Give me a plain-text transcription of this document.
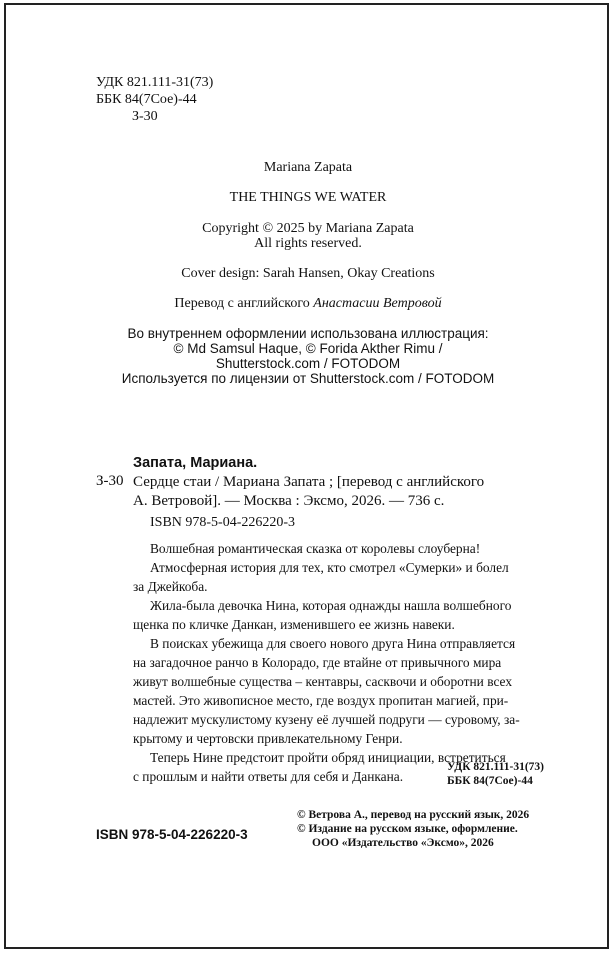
УДК 821.111-31(73)
ББК 84(7Сое)-44
З-30
Mariana Zapata
THE THINGS WE WATER
Copyright © 2025 by Mariana Zapata
All rights reserved.
Cover design: Sarah Hansen, Okay Creations
Перевод с английского Анастасии Ветровой
Во внутреннем оформлении использована иллюстрация:
© Md Samsul Haque, © Forida Akther Rimu /
Shutterstock.com / FOTODOM
Используется по лицензии от Shutterstock.com / FOTODOM
Запата, Мариана.
З-30 Сердце стаи / Мариана Запата ; [перевод с английского
А. Ветровой]. — Москва : Эксмо, 2026. — 736 с.
ISBN 978-5-04-226220-3

Волшебная романтическая сказка от королевы слоуберна!

Атмосферная история для тех, кто смотрел «Сумерки» и болел

за Джейкоба.

Жила-была девочка Нина, которая однажды нашла волшебного

щенка по кличке Данкан, изменившего ее жизнь навеки.

В поисках убежища для своего нового друга Нина отправляется

на загадочное ранчо в Колорадо, где втайне от привычного мира

живут волшебные существа – кентавры, сасквочи и оборотни всех

мастей. Это живописное место, где воздух пропитан магией, при-

надлежит мускулистому кузену её лучшей подруги — суровому, за-

крытому и чертовски привлекательному Генри.

Теперь Нине предстоит пройти обряд инициации, встретиться

с прошлым и найти ответы для себя и Данкана.

УДК 821.111-31(73)
ББК 84(7Сое)-44
© Ветрова А., перевод на русский язык, 2026
© Издание на русском языке, оформление.
ООО «Издательство «Эксмо», 2026
ISBN 978-5-04-226220-3
